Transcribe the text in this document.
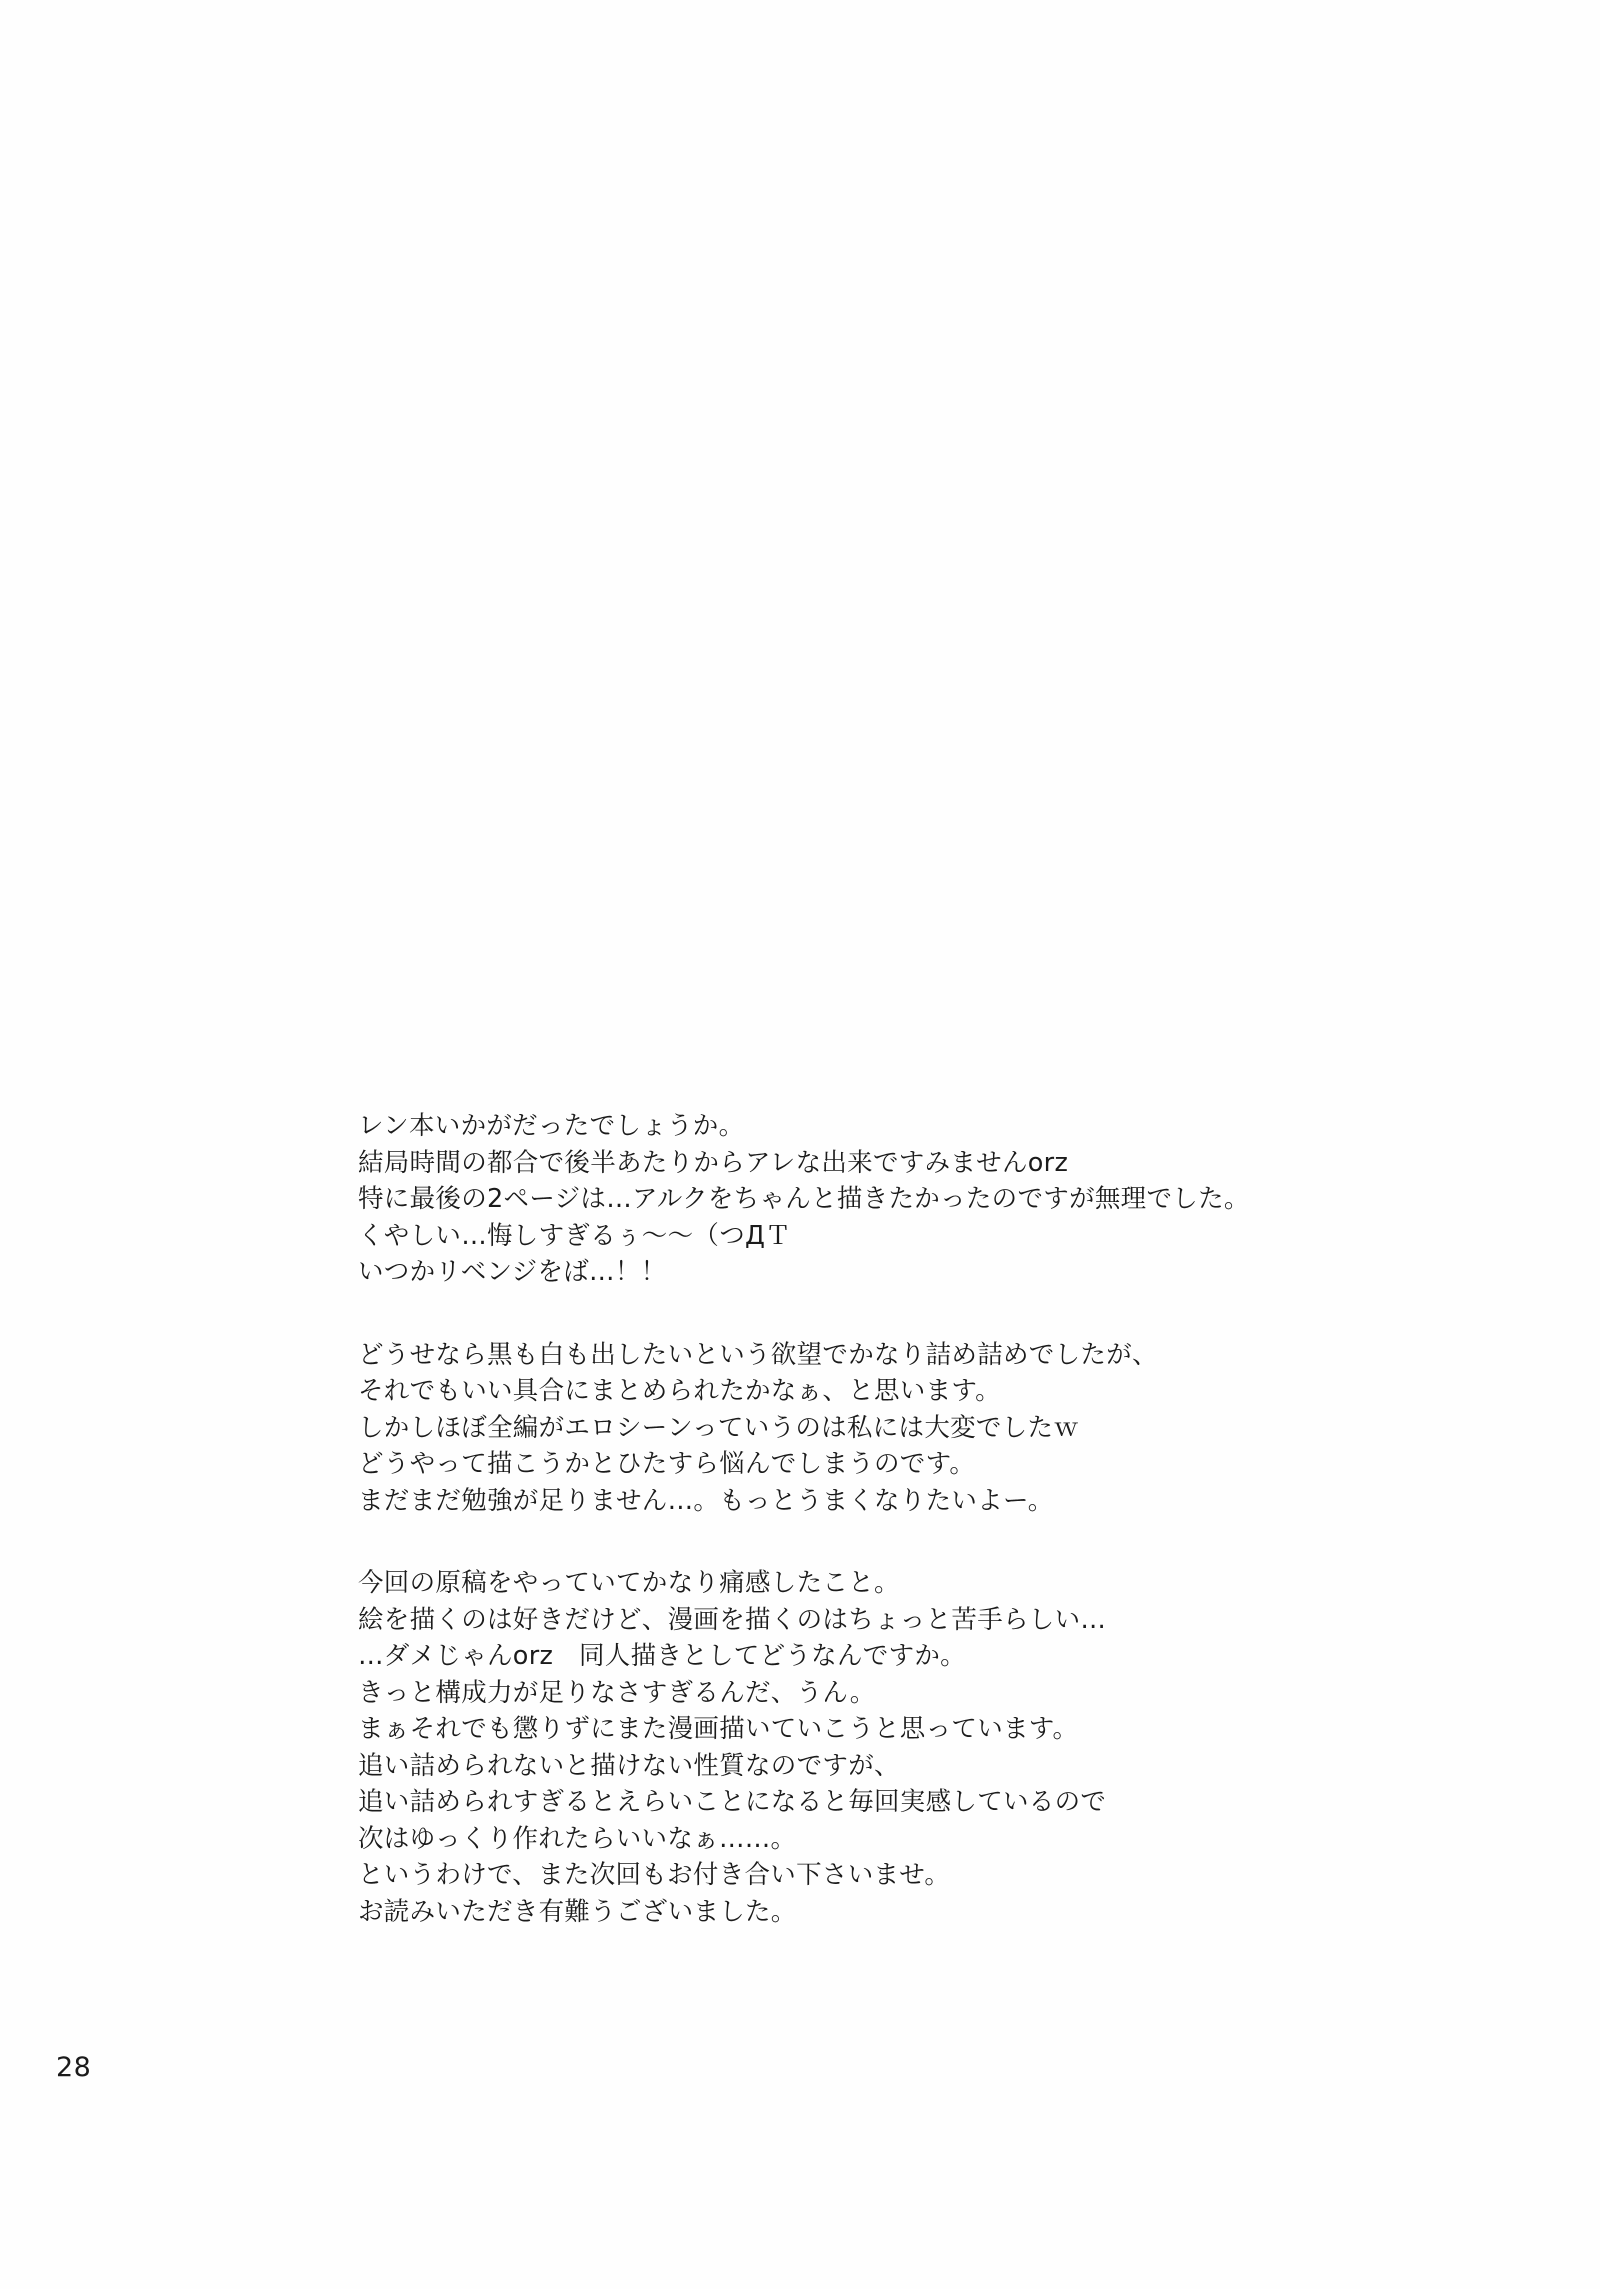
レン本いかがだったでしょうか。
結局時間の都合で後半あたりからアレな出来ですみませんorz
特に最後の2ページは…アルクをちゃんと描きたかったのですが無理でした。
くやしい…悔しすぎるぅ～～（つДＴ
いつかリベンジをば…！！
どうせなら黒も白も出したいという欲望でかなり詰め詰めでしたが、
それでもいい具合にまとめられたかなぁ、と思います。
しかしほぼ全編がエロシーンっていうのは私には大変でしたｗ
どうやって描こうかとひたすら悩んでしまうのです。
まだまだ勉強が足りません…。もっとうまくなりたいよー。
今回の原稿をやっていてかなり痛感したこと。
絵を描くのは好きだけど、漫画を描くのはちょっと苦手らしい…
…ダメじゃんorz　同人描きとしてどうなんですか。
きっと構成力が足りなさすぎるんだ、うん。
まぁそれでも懲りずにまた漫画描いていこうと思っています。
追い詰められないと描けない性質なのですが、
追い詰められすぎるとえらいことになると毎回実感しているので
次はゆっくり作れたらいいなぁ……。
というわけで、また次回もお付き合い下さいませ。
お読みいただき有難うございました。
28
